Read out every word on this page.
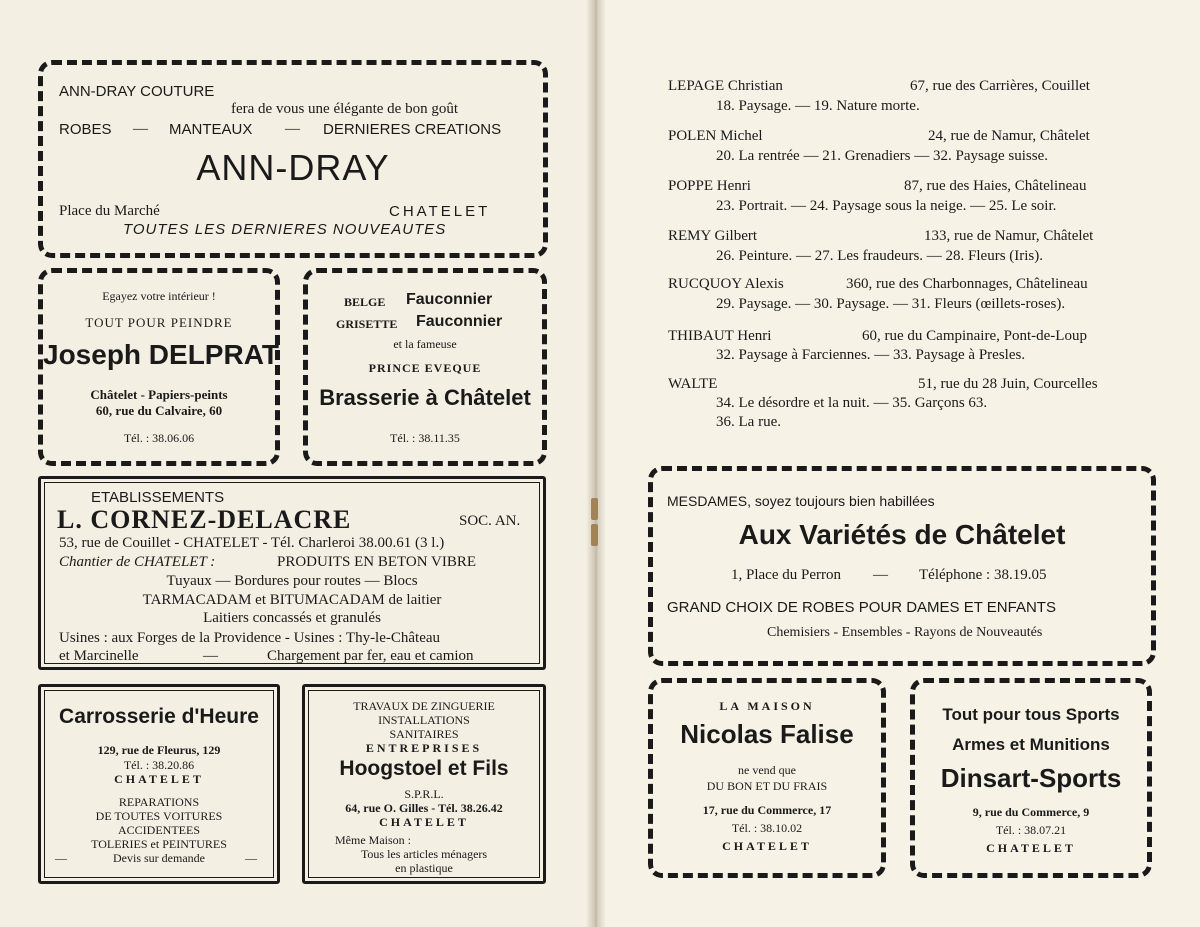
ANN-DRAY COUTURE
fera de vous une élégante de bon goût
ROBES — MANTEAUX — DERNIERES CREATIONS
ANN-DRAY
Place du Marché	CHATELET
TOUTES LES DERNIERES NOUVEAUTES
Egayez votre intérieur !
TOUT POUR PEINDRE
Joseph DELPRAT
Châtelet - Papiers-peints
60, rue du Calvaire, 60
Tél. : 38.06.06
BELGE Fauconnier
GRISETTE Fauconnier
et la fameuse
PRINCE EVEQUE
Brasserie à Châtelet
Tél. : 38.11.35
ETABLISSEMENTS
L. CORNEZ-DELACRE	SOC. AN.
53, rue de Couillet - CHATELET - Tél. Charleroi 38.00.61 (3 l.)
Chantier de CHATELET :	PRODUITS EN BETON VIBRE
Tuyaux — Bordures pour routes — Blocs
TARMACADAM et BITUMACADAM de laitier
Laitiers concassés et granulés
Usines : aux Forges de la Providence - Usines : Thy-le-Château
et Marcinelle	—	Chargement par fer, eau et camion
Carrosserie d'Heure
129, rue de Fleurus, 129
Tél. : 38.20.86
CHATELET
REPARATIONS
DE TOUTES VOITURES
ACCIDENTEES
TOLERIES et PEINTURES
—	Devis sur demande	—
TRAVAUX DE ZINGUERIE
INSTALLATIONS
SANITAIRES
ENTREPRISES
Hoogstoel et Fils
S.P.R.L.
64, rue O. Gilles - Tél. 38.26.42
CHATELET
Même Maison :
Tous les articles ménagers
en plastique
LEPAGE Christian	67, rue des Carrières, Couillet
18. Paysage. — 19. Nature morte.
POLEN Michel	24, rue de Namur, Châtelet
20. La rentrée — 21. Grenadiers — 32. Paysage suisse.
POPPE Henri	87, rue des Haies, Châtelineau
23. Portrait. — 24. Paysage sous la neige. — 25. Le soir.
REMY Gilbert	133, rue de Namur, Châtelet
26. Peinture. — 27. Les fraudeurs. — 28. Fleurs (Iris).
RUCQUOY Alexis	360, rue des Charbonnages, Châtelineau
29. Paysage. — 30. Paysage. — 31. Fleurs (œillets-roses).
THIBAUT Henri	60, rue du Campinaire, Pont-de-Loup
32. Paysage à Farciennes. — 33. Paysage à Presles.
WALTE	51, rue du 28 Juin, Courcelles
34. Le désordre et la nuit. — 35. Garçons 63.
36. La rue.
MESDAMES, soyez toujours bien habillées
Aux Variétés de Châtelet
1, Place du Perron — Téléphone : 38.19.05
GRAND CHOIX DE ROBES POUR DAMES ET ENFANTS
Chemisiers - Ensembles - Rayons de Nouveautés
LA MAISON
Nicolas Falise
ne vend que
DU BON ET DU FRAIS
17, rue du Commerce, 17
Tél. : 38.10.02
CHATELET
Tout pour tous Sports
Armes et Munitions
Dinsart-Sports
9, rue du Commerce, 9
Tél. : 38.07.21
CHATELET
